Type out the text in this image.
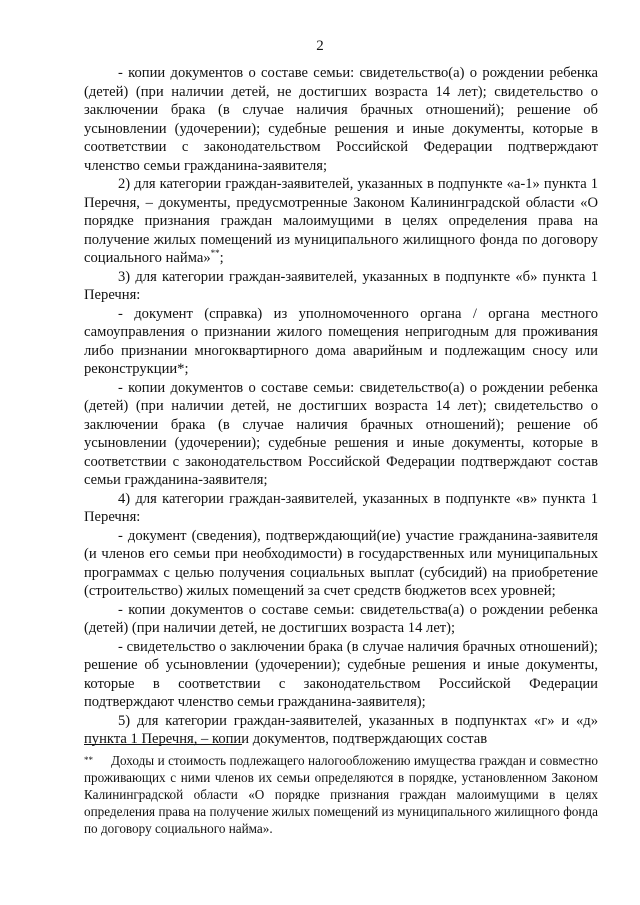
2

- копии документов о составе семьи: свидетельство(а) о рождении ребенка (детей) (при наличии детей, не достигших возраста 14 лет); свидетельство о заключении брака (в случае наличия брачных отношений); решение об усыновлении (удочерении); судебные решения и иные документы, которые в соответствии с законодательством Российской Федерации подтверждают членство семьи гражданина-заявителя;

2) для категории граждан-заявителей, указанных в подпункте «а-1» пункта 1 Перечня, – документы, предусмотренные Законом Калининградской области «О порядке признания граждан малоимущими в целях определения права на получение жилых помещений из муниципального жилищного фонда по договору социального найма»**;

3) для категории граждан-заявителей, указанных в подпункте «б» пункта 1 Перечня:

- документ (справка) из уполномоченного органа / органа местного самоуправления о признании жилого помещения непригодным для проживания либо признании многоквартирного дома аварийным и подлежащим сносу или реконструкции*;

- копии документов о составе семьи: свидетельство(а) о рождении ребенка (детей) (при наличии детей, не достигших возраста 14 лет); свидетельство о заключении брака (в случае наличия брачных отношений); решение об усыновлении (удочерении); судебные решения и иные документы, которые в соответствии с законодательством Российской Федерации подтверждают состав семьи гражданина-заявителя;

4) для категории граждан-заявителей, указанных в подпункте «в» пункта 1 Перечня:

- документ (сведения), подтверждающий(ие) участие гражданина-заявителя (и членов его семьи при необходимости) в государственных или муниципальных программах с целью получения социальных выплат (субсидий) на приобретение (строительство) жилых помещений за счет средств бюджетов всех уровней;

- копии документов о составе семьи: свидетельства(а) о рождении ребенка (детей) (при наличии детей, не достигших возраста 14 лет);

- свидетельство о заключении брака (в случае наличия брачных отношений); решение об усыновлении (удочерении); судебные решения и иные документы, которые в соответствии с законодательством Российской Федерации подтверждают членство семьи гражданина-заявителя);

5) для категории граждан-заявителей, указанных в подпунктах «г» и «д» пункта 1 Перечня, – копии документов, подтверждающих состав

** Доходы и стоимость подлежащего налогообложению имущества граждан и совместно проживающих с ними членов их семьи определяются в порядке, установленном Законом Калининградской области «О порядке признания граждан малоимущими в целях определения права на получение жилых помещений из муниципального жилищного фонда по договору социального найма».
